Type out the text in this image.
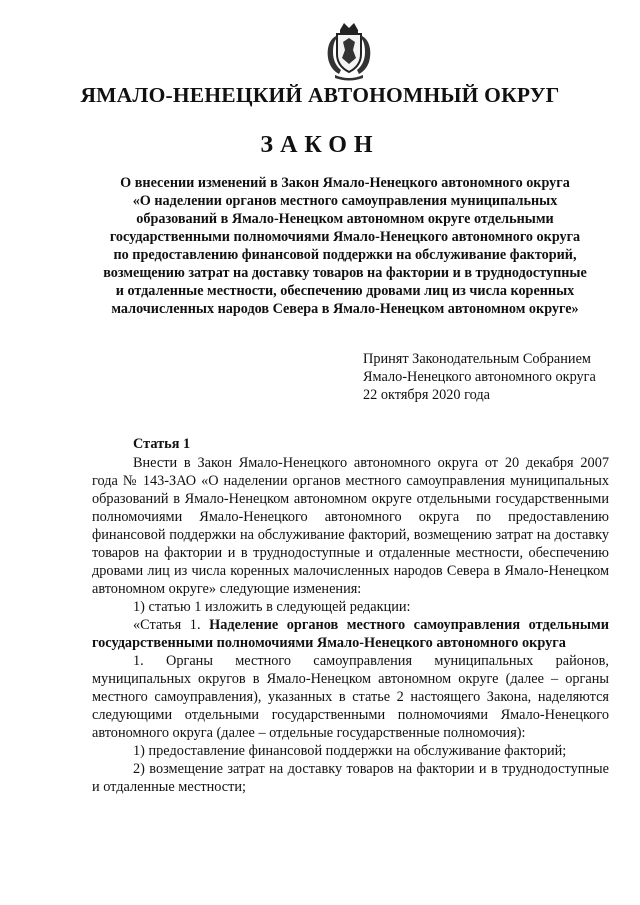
ЯМАЛО-НЕНЕЦКИЙ АВТОНОМНЫЙ ОКРУГ
ЗАКОН
О внесении изменений в Закон Ямало-Ненецкого автономного округа
«О наделении органов местного самоуправления муниципальных
образований в Ямало-Ненецком автономном округе отдельными
государственными полномочиями Ямало-Ненецкого автономного округа
по предоставлению финансовой поддержки на обслуживание факторий,
возмещению затрат на доставку товаров на фактории и в труднодоступные
и отдаленные местности, обеспечению дровами лиц из числа коренных
малочисленных народов Севера в Ямало-Ненецком автономном округе»
Принят Законодательным Собранием
Ямало-Ненецкого автономного округа
22 октября 2020 года
Статья 1

Внести в Закон Ямало-Ненецкого автономного округа от 20 декабря 2007 года № 143-ЗАО «О наделении органов местного самоуправления муниципальных образований в Ямало-Ненецком автономном округе отдельными государственными полномочиями Ямало-Ненецкого автономного округа по предоставлению финансовой поддержки на обслуживание факторий, возмещению затрат на доставку товаров на фактории и в труднодоступные и отдаленные местности, обеспечению дровами лиц из числа коренных малочисленных народов Севера в Ямало-Ненецком автономном округе» следующие изменения:

1) статью 1 изложить в следующей редакции:

«Статья 1. Наделение органов местного самоуправления отдельными государственными полномочиями Ямало-Ненецкого автономного округа

1. Органы местного самоуправления муниципальных районов, муниципальных округов в Ямало-Ненецком автономном округе (далее – органы местного самоуправления), указанных в статье 2 настоящего Закона, наделяются следующими отдельными государственными полномочиями Ямало-Ненецкого автономного округа (далее – отдельные государственные полномочия):

1) предоставление финансовой поддержки на обслуживание факторий;

2) возмещение затрат на доставку товаров на фактории и в труднодоступные и отдаленные местности;
